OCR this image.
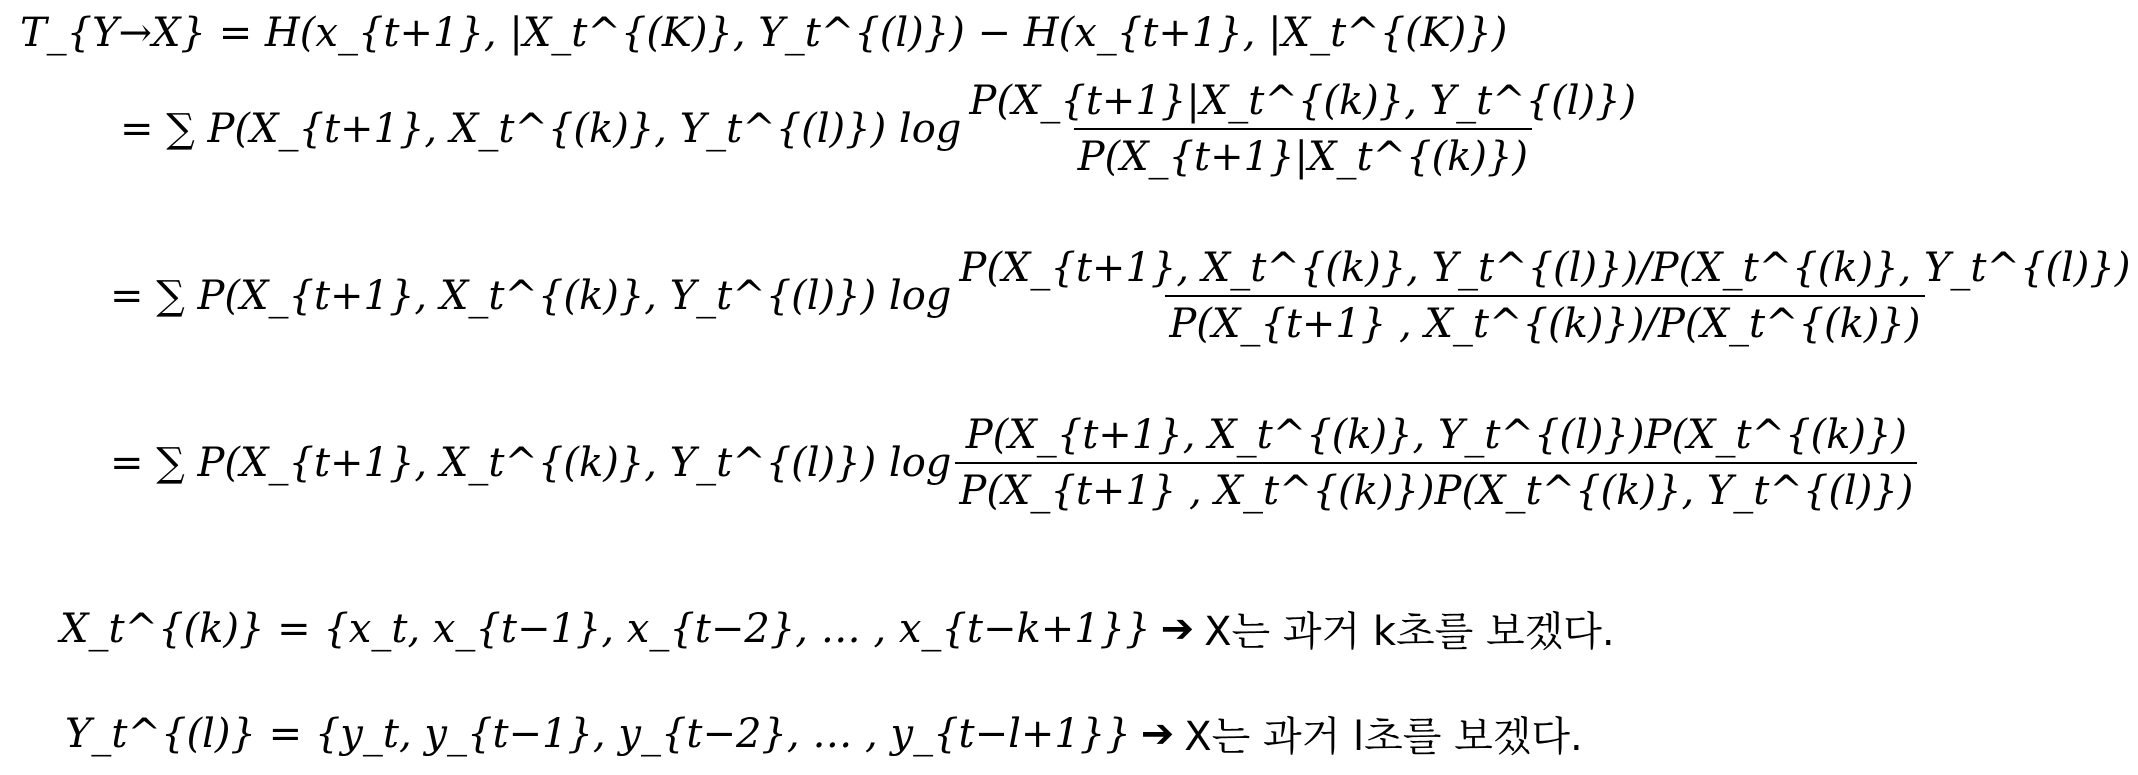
T_{Y→X} = H(x_{t+1}, |X_t^{(K)}, Y_t^{(l)}) − H(x_{t+1}, |X_t^{(K)})
= ∑ P(X_{t+1}, X_t^{(k)}, Y_t^{(l)}) $\log \frac{P(X\_\{t+1\}|X\_t\^{}\{(k)\}, Y\_t\^{}\{(l)\})}{P(X\_\{t+1\}|X\_t\^{}\{(k)\})}$
= ∑ P(X_{t+1}, X_t^{(k)}, Y_t^{(l)}) $\log \frac{P(X\_\{t+1\}, X\_t\^{}\{(k)\}, Y\_t\^{}\{(l)\})/P(X\_t\^{}\{(k)\}, Y\_t\^{}\{(l)\})}{P(X\_\{t+1\} , X\_t\^{}\{(k)\})/P(X\_t\^{}\{(k)\})}$
= ∑ P(X_{t+1}, X_t^{(k)}, Y_t^{(l)}) $\log \frac{P(X\_\{t+1\}, X\_t\^{}\{(k)\}, Y\_t\^{}\{(l)\})P(X\_t\^{}\{(k)\})}{P(X\_\{t+1\} , X\_t\^{}\{(k)\})P(X\_t\^{}\{(k)\}, Y\_t\^{}\{(l)\})}$
X_t^{(k)} = {x_t, x_{t−1}, x_{t−2}, … , x_{t−k+1}} ➔ X는 과거 k초를 보겠다.
Y_t^{(l)} = {y_t, y_{t−1}, y_{t−2}, … , y_{t−l+1}} ➔ X는 과거 l초를 보겠다.
